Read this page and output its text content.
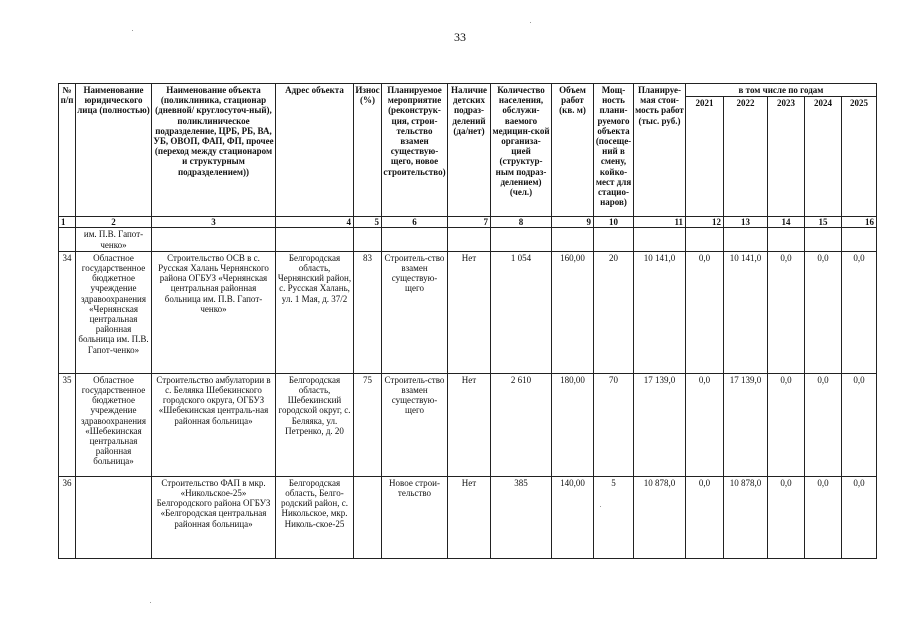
33
№ п/п	Наименование юридического лица (полностью)	Наименование объекта (поликлиника, стационар (дневной/ круглосуточ-ный), поликлиническое подразделение, ЦРБ, РБ, ВА, УБ, ОВОП, ФАП, ФП, прочее (переход между стационаром и структурным подразделением))	Адрес объекта	Износ (%)	Планируемое мероприятие (реконструк-ция, строи-тельство взамен существую-щего, новое строительство)	Наличие детских подраз-делений (да/нет)	Количество населения, обслужи-ваемого медицин-ской организа-цией (структур-ным подраз-делением) (чел.)	Объем работ (кв. м)	Мощ-ность плани-руемого объекта (посеще-ний в смену, койко-мест для стацио-наров)	Планируе-мая стои-мость работ (тыс. руб.)	в том числе по годам				
											2021	2022	2023	2024	2025
1	2	3	4	5	6	7	8	9	10	11	12	13	14	15	16
	им. П.В. Гапот-ченко»														
34	Областное государственное бюджетное учреждение здравоохранения «Чернянская центральная районная больница им. П.В. Гапот-ченко»	Строительство ОСВ в с. Русская Халань Чернянского района ОГБУЗ «Чернянская центральная районная больница им. П.В. Гапот-ченко»	Белгородская область, Чернянский район, с. Русская Халань, ул. 1 Мая, д. 37/2	83	Строитель-ство взамен существую-щего	Нет	1 054	160,00	20	10 141,0	0,0	10 141,0	0,0	0,0	0,0
35	Областное государственное бюджетное учреждение здравоохранения «Шебекинская центральная районная больница»	Строительство амбулатории в с. Беляяка Шебекинского городского округа, ОГБУЗ «Шебекинская централь-ная районная больница»	Белгородская область, Шебекинский городской округ, с. Беляяка, ул. Петренко, д. 20	75	Строитель-ство взамен существую-щего	Нет	2 610	180,00	70	17 139,0	0,0	17 139,0	0,0	0,0	0,0
36		Строительство ФАП в мкр. «Никольское-25» Белгородского района ОГБУЗ «Белгородская центральная районная больница»	Белгородская область, Белго-родский район, с. Никольское, мкр. Николь-ское-25		Новое строи-тельство	Нет	385	140,00	5	10 878,0	0,0	10 878,0	0,0	0,0	0,0
